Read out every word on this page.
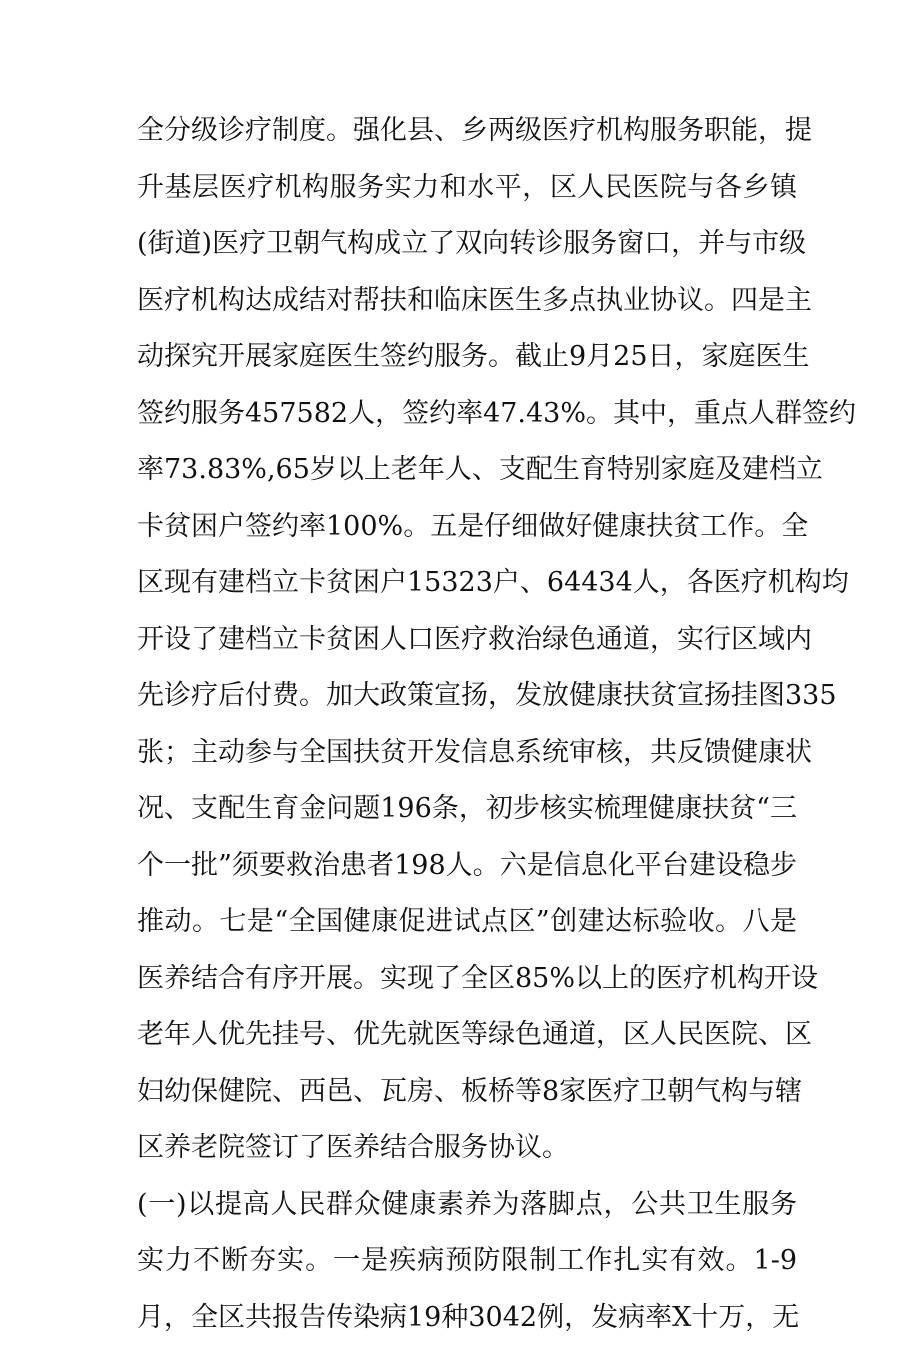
全分级诊疗制度。强化县、乡两级医疗机构服务职能，提
升基层医疗机构服务实力和水平，区人民医院与各乡镇
(街道)医疗卫朝气构成立了双向转诊服务窗口，并与市级
医疗机构达成结对帮扶和临床医生多点执业协议。四是主
动探究开展家庭医生签约服务。截止9月25日，家庭医生
签约服务457582人，签约率47.43%。其中，重点人群签约
率73.83%,65岁以上老年人、支配生育特别家庭及建档立
卡贫困户签约率100%。五是仔细做好健康扶贫工作。全
区现有建档立卡贫困户15323户、64434人，各医疗机构均
开设了建档立卡贫困人口医疗救治绿色通道，实行区域内
先诊疗后付费。加大政策宣扬，发放健康扶贫宣扬挂图335
张；主动参与全国扶贫开发信息系统审核，共反馈健康状
况、支配生育金问题196条，初步核实梳理健康扶贫“三
个一批”须要救治患者198人。六是信息化平台建设稳步
推动。七是“全国健康促进试点区”创建达标验收。八是
医养结合有序开展。实现了全区85%以上的医疗机构开设
老年人优先挂号、优先就医等绿色通道，区人民医院、区
妇幼保健院、西邑、瓦房、板桥等8家医疗卫朝气构与辖
区养老院签订了医养结合服务协议。
(一)以提高人民群众健康素养为落脚点，公共卫生服务
实力不断夯实。一是疾病预防限制工作扎实有效。1-9
月，全区共报告传染病19种3042例，发病率X十万，无
